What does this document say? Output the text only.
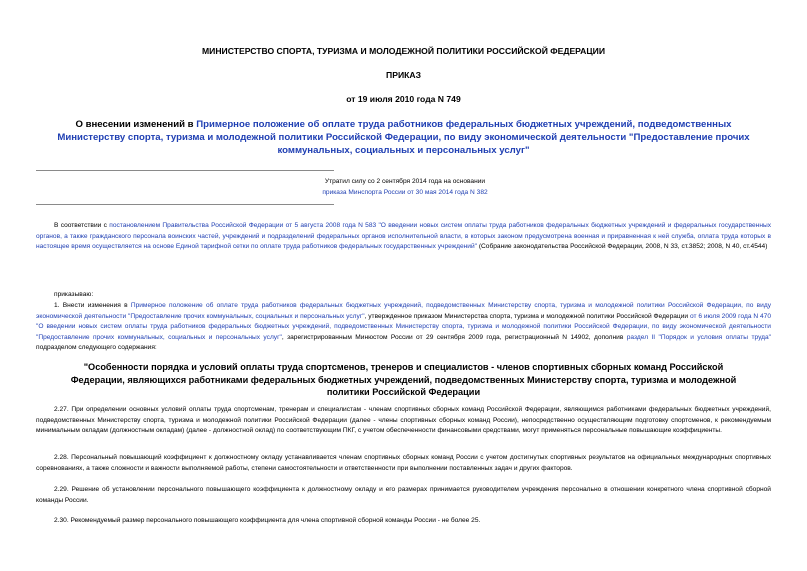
МИНИСТЕРСТВО СПОРТА, ТУРИЗМА И МОЛОДЕЖНОЙ ПОЛИТИКИ РОССИЙСКОЙ ФЕДЕРАЦИИ
ПРИКАЗ
от 19 июля 2010 года N 749
О внесении изменений в Примерное положение об оплате труда работников федеральных бюджетных учреждений, подведомственных Министерству спорта, туризма и молодежной политики Российской Федерации, по виду экономической деятельности "Предоставление прочих коммунальных, социальных и персональных услуг"
Утратил силу со 2 сентября 2014 года на основании
приказа Минспорта России от 30 мая 2014 года N 382
В соответствии с постановлением Правительства Российской Федерации от 5 августа 2008 года N 583 "О введении новых систем оплаты труда работников федеральных бюджетных учреждений и федеральных государственных органов, а также гражданского персонала воинских частей, учреждений и подразделений федеральных органов исполнительной власти, в которых законом предусмотрена военная и приравненная к ней служба, оплата труда которых в настоящее время осуществляется на основе Единой тарифной сетки по оплате труда работников федеральных государственных учреждений" (Собрание законодательства Российской Федерации, 2008, N 33, ст.3852; 2008, N 40, ст.4544)
приказываю:
1. Внести изменения в Примерное положение об оплате труда работников федеральных бюджетных учреждений, подведомственных Министерству спорта, туризма и молодежной политики Российской Федерации, по виду экономической деятельности "Предоставление прочих коммунальных, социальных и персональных услуг", утвержденное приказом Министерства спорта, туризма и молодежной политики Российской Федерации от 6 июля 2009 года N 470 "О введении новых систем оплаты труда работников федеральных бюджетных учреждений, подведомственных Министерству спорта, туризма и молодежной политики Российской Федерации, по виду экономической деятельности "Предоставление прочих коммунальных, социальных и персональных услуг", зарегистрированным Минюстом России от 29 сентября 2009 года, регистрационный N 14902, дополнив раздел II "Порядок и условия оплаты труда" подразделом следующего содержания:
"Особенности порядка и условий оплаты труда спортсменов, тренеров и специалистов - членов спортивных сборных команд Российской Федерации, являющихся работниками федеральных бюджетных учреждений, подведомственных Министерству спорта, туризма и молодежной политики Российской Федерации
2.27. При определении основных условий оплаты труда спортсменам, тренерам и специалистам - членам спортивных сборных команд Российской Федерации, являющимся работниками федеральных бюджетных учреждений, подведомственных Министерству спорта, туризма и молодежной политики Российской Федерации (далее - члены спортивных сборных команд России), непосредственно осуществляющим подготовку спортсменов, к рекомендуемым минимальным окладам (должностным окладам) (далее - должностной оклад) по соответствующим ПКГ, с учетом обеспеченности финансовыми средствами, могут применяться персональные повышающие коэффициенты.
2.28. Персональный повышающий коэффициент к должностному окладу устанавливается членам спортивных сборных команд России с учетом достигнутых спортивных результатов на официальных международных спортивных соревнованиях, а также сложности и важности выполняемой работы, степени самостоятельности и ответственности при выполнении поставленных задач и других факторов.
2.29. Решение об установлении персонального повышающего коэффициента к должностному окладу и его размерах принимается руководителем учреждения персонально в отношении конкретного члена спортивной сборной команды России.
2.30. Рекомендуемый размер персонального повышающего коэффициента для члена спортивной сборной команды России - не более 25.
